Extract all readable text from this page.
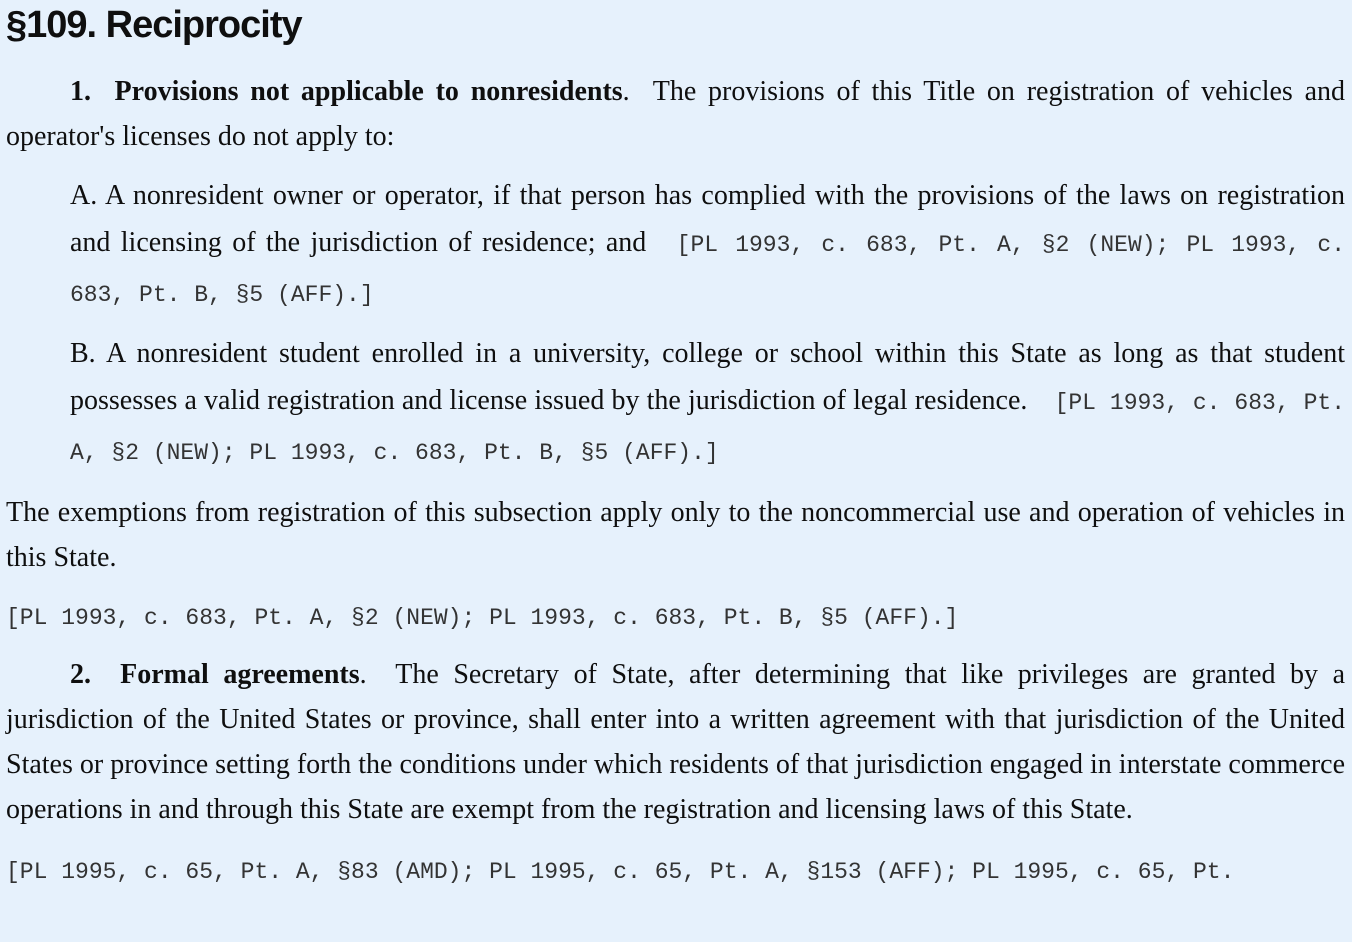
§109. Reciprocity

1. Provisions not applicable to nonresidents.  The provisions of this Title on registration of vehicles and operator's licenses do not apply to:

A. A nonresident owner or operator, if that person has complied with the provisions of the laws on registration and licensing of the jurisdiction of residence; and [PL 1993, c. 683, Pt. A, §2 (NEW); PL 1993, c. 683, Pt. B, §5 (AFF).]

B. A nonresident student enrolled in a university, college or school within this State as long as that student possesses a valid registration and license issued by the jurisdiction of legal residence. [PL 1993, c. 683, Pt. A, §2 (NEW); PL 1993, c. 683, Pt. B, §5 (AFF).]

The exemptions from registration of this subsection apply only to the noncommercial use and operation of vehicles in this State.

[PL 1993, c. 683, Pt. A, §2 (NEW); PL 1993, c. 683, Pt. B, §5 (AFF).]

2. Formal agreements.  The Secretary of State, after determining that like privileges are granted by a jurisdiction of the United States or province, shall enter into a written agreement with that jurisdiction of the United States or province setting forth the conditions under which residents of that jurisdiction engaged in interstate commerce operations in and through this State are exempt from the registration and licensing laws of this State.

[PL 1995, c. 65, Pt. A, §83 (AMD); PL 1995, c. 65, Pt. A, §153 (AFF); PL 1995, c. 65, Pt.
